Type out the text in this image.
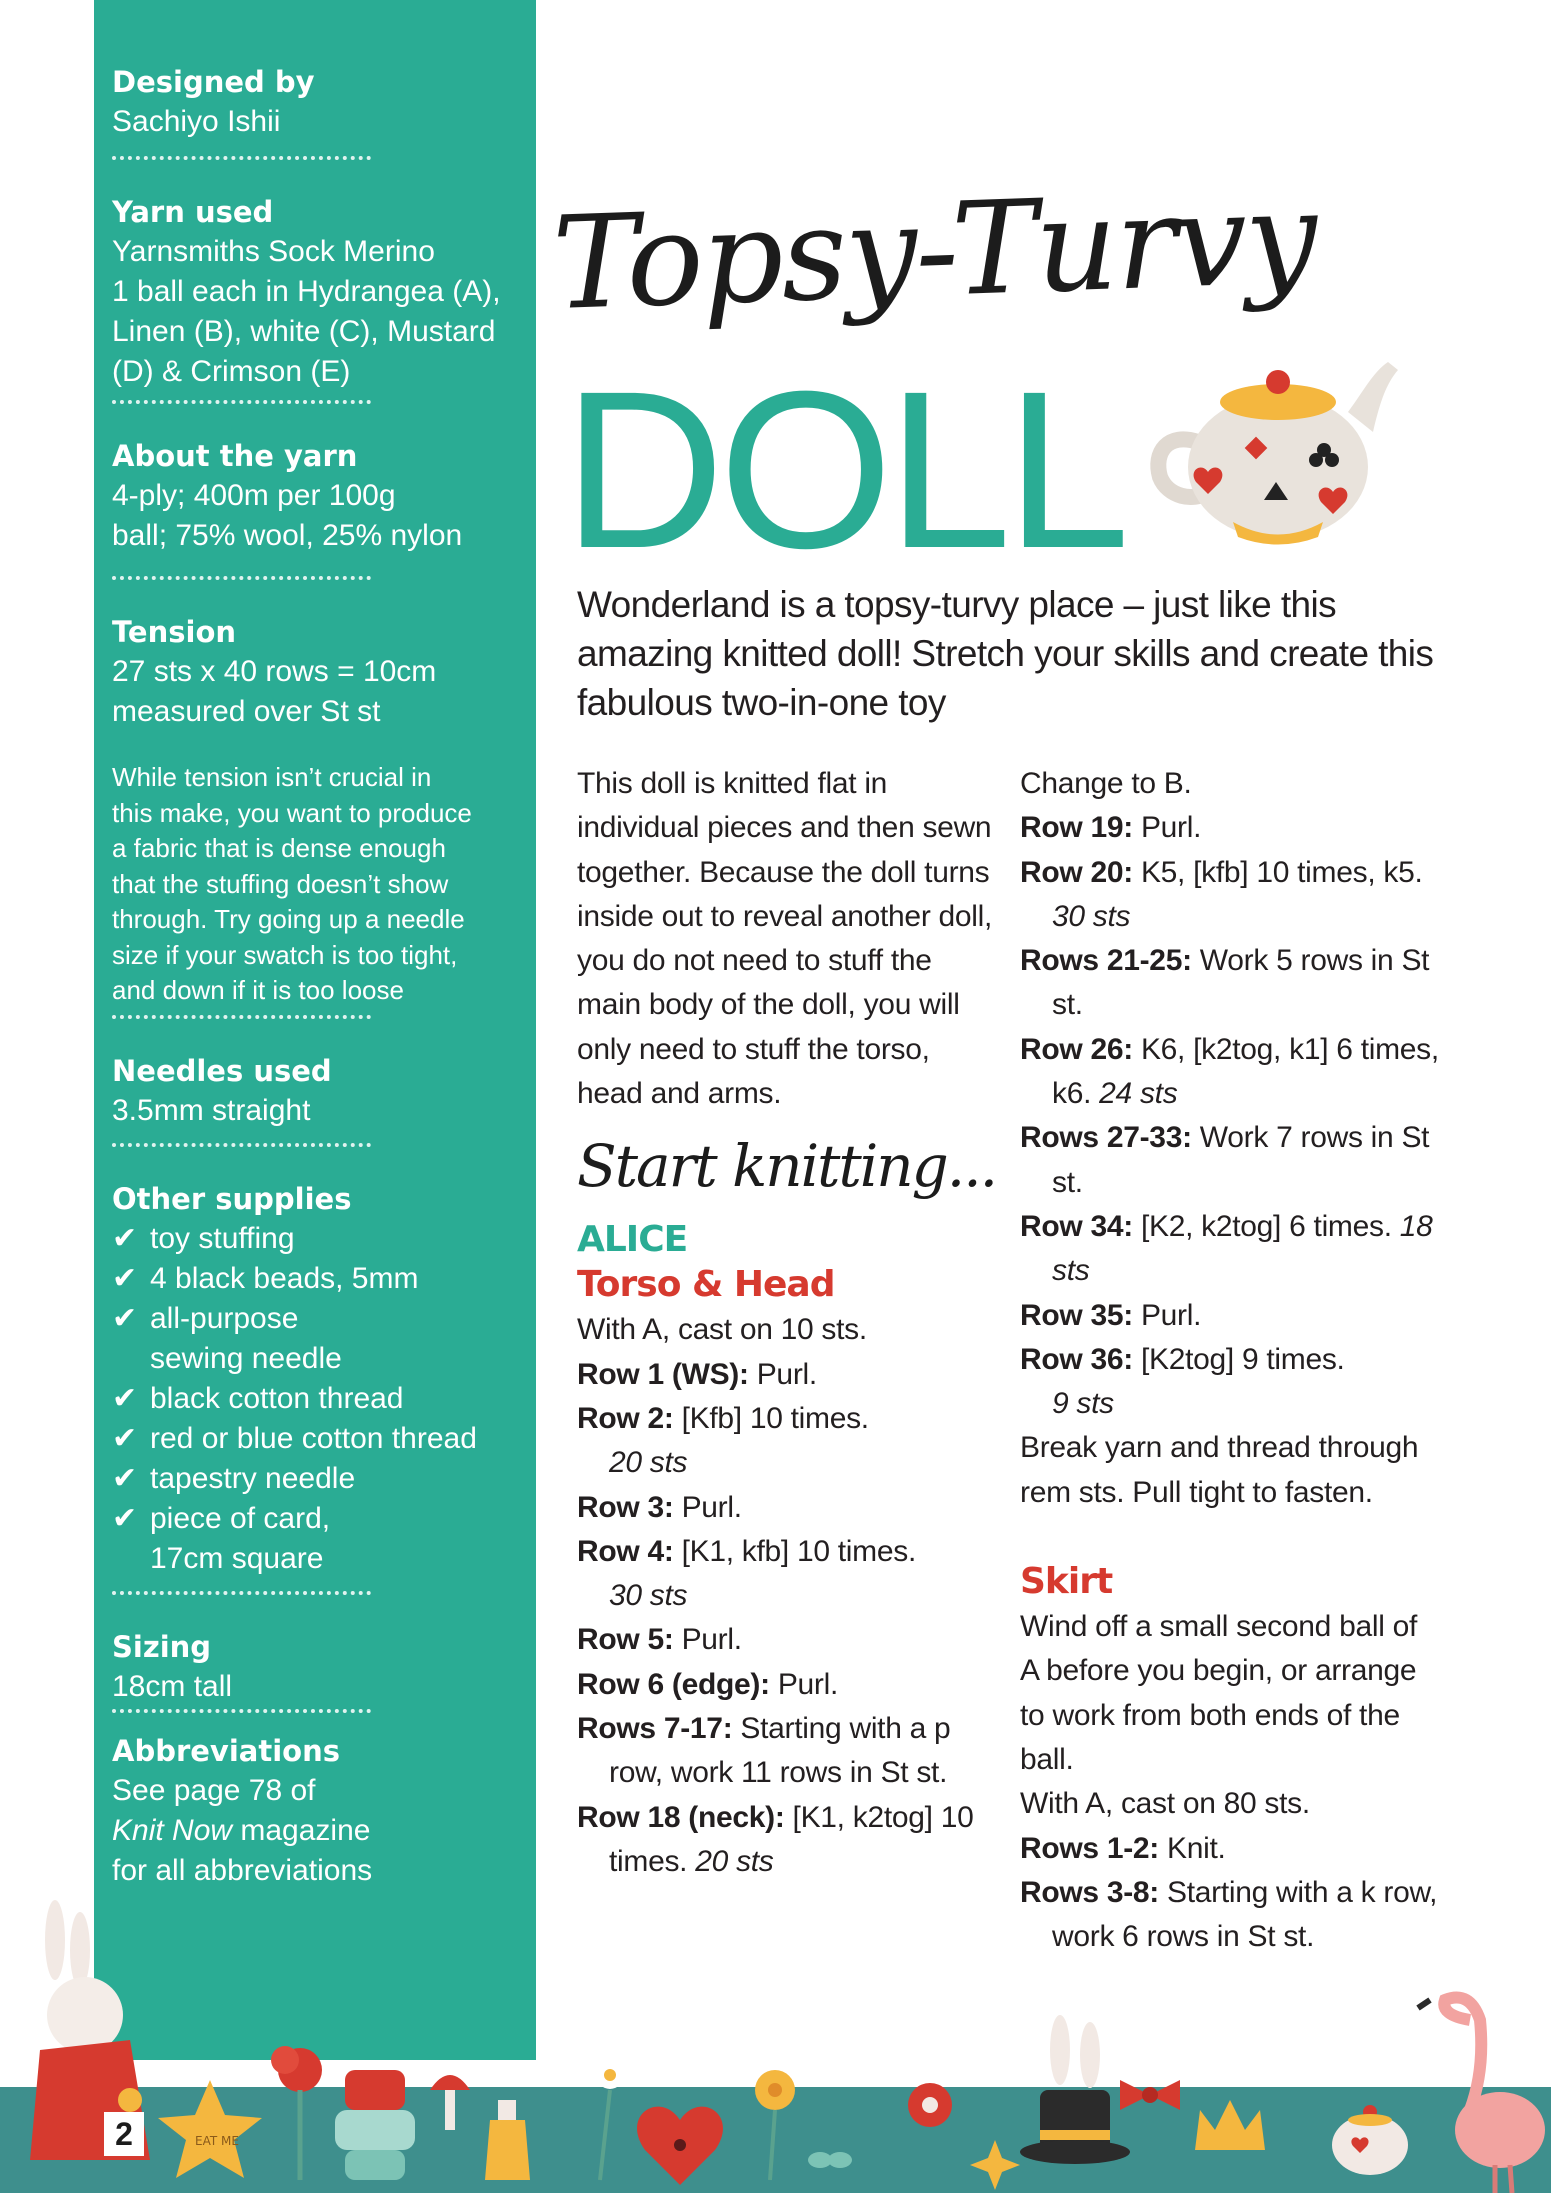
Designed by
Sachiyo Ishii
Yarn used
Yarnsmiths Sock Merino
1 ball each in Hydrangea (A),
Linen (B), white (C), Mustard
(D) & Crimson (E)
About the yarn
4-ply; 400m per 100g
ball; 75% wool, 25% nylon
Tension
27 sts x 40 rows = 10cm
measured over St st
While tension isn’t crucial in
this make, you want to produce
a fabric that is dense enough
that the stuffing doesn’t show
through. Try going up a needle
size if your swatch is too tight,
and down if it is too loose
Needles used
3.5mm straight
Other supplies
✔ toy stuffing
✔ 4 black beads, 5mm
✔ all-purpose
sewing needle
✔ black cotton thread
✔ red or blue cotton thread
✔ tapestry needle
✔ piece of card,
17cm square
Sizing
18cm tall
Abbreviations
See page 78 of
Knit Now magazine
for all abbreviations
Topsy-Turvy
DOLL
Wonderland is a topsy-turvy place – just like this amazing knitted doll! Stretch your skills and create this fabulous two-in-one toy

This doll is knitted flat in individual pieces and then sewn together. Because the doll turns inside out to reveal another doll, you do not need to stuff the main body of the doll, you will only need to stuff the torso, head and arms.

Start knitting...
ALICE
Torso & Head

With A, cast on 10 sts.

Row 1 (WS): Purl.

Row 2: [Kfb] 10 times.
20 sts

Row 3: Purl.

Row 4: [K1, kfb] 10 times.
30 sts

Row 5: Purl.

Row 6 (edge): Purl.

Rows 7-17: Starting with a p row, work 11 rows in St st.

Row 18 (neck): [K1, k2tog] 10 times. 20 sts

Change to B.

Row 19: Purl.

Row 20: K5, [kfb] 10 times, k5. 30 sts

Rows 21-25: Work 5 rows in St st.

Row 26: K6, [k2tog, k1] 6 times, k6. 24 sts

Rows 27-33: Work 7 rows in St st.

Row 34: [K2, k2tog] 6 times. 18 sts

Row 35: Purl.

Row 36: [K2tog] 9 times.
9 sts

Break yarn and thread through rem sts. Pull tight to fasten.

Skirt

Wind off a small second ball of A before you begin, or arrange to work from both ends of the ball.

With A, cast on 80 sts.

Rows 1-2: Knit.

Rows 3-8: Starting with a k row, work 6 rows in St st.

EAT ME
2
